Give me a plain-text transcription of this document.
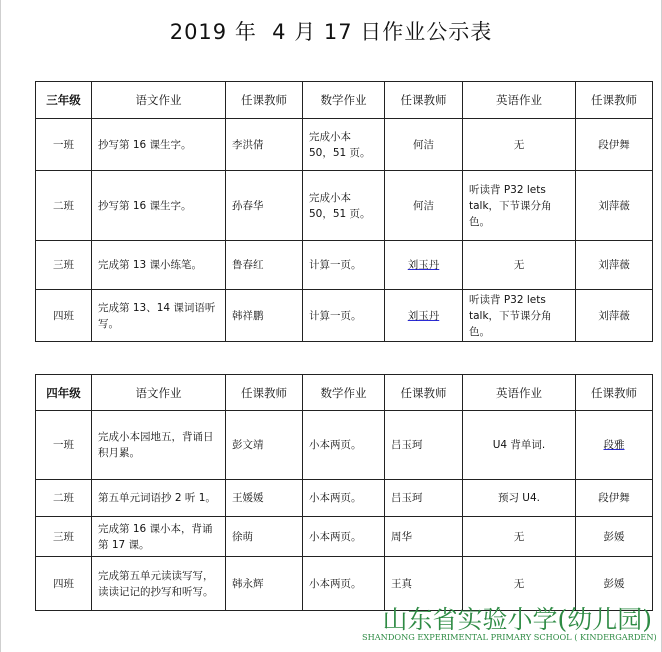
2019 年  4 月 17 日作业公示表
三年级	语文作业	任课教师	数学作业	任课教师	英语作业	任课教师
一班	抄写第 16 课生字。	李洪倩	完成小本 50，51 页。	何洁	无	段伊舞
二班	抄写第 16 课生字。	孙春华	完成小本 50，51 页。	何洁	听读背 P32 lets talk，下节课分角色。	刘萍薇
三班	完成第 13 课小练笔。	鲁春红	计算一页。	刘玉丹	无	刘萍薇
四班	完成第 13、14 课词语听写。	韩祥鹏	计算一页。	刘玉丹	听读背 P32 lets talk，下节课分角色。	刘萍薇
四年级	语文作业	任课教师	数学作业	任课教师	英语作业	任课教师
一班	完成小本园地五，背诵日积月累。	彭文靖	小本两页。	吕玉珂	U4 背单词.	段雅
二班	第五单元词语抄 2 听 1。	王媛媛	小本两页。	吕玉珂	预习 U4.	段伊舞
三班	完成第 16 课小本，背诵第 17 课。	徐萌	小本两页。	周华	无	彭媛
四班	完成第五单元读读写写，读读记记的抄写和听写。	韩永辉	小本两页。	王真	无	彭媛
山东省实验小学(幼儿园)
SHANDONG EXPERIMENTAL PRIMARY SCHOOL ( KINDERGARDEN)
